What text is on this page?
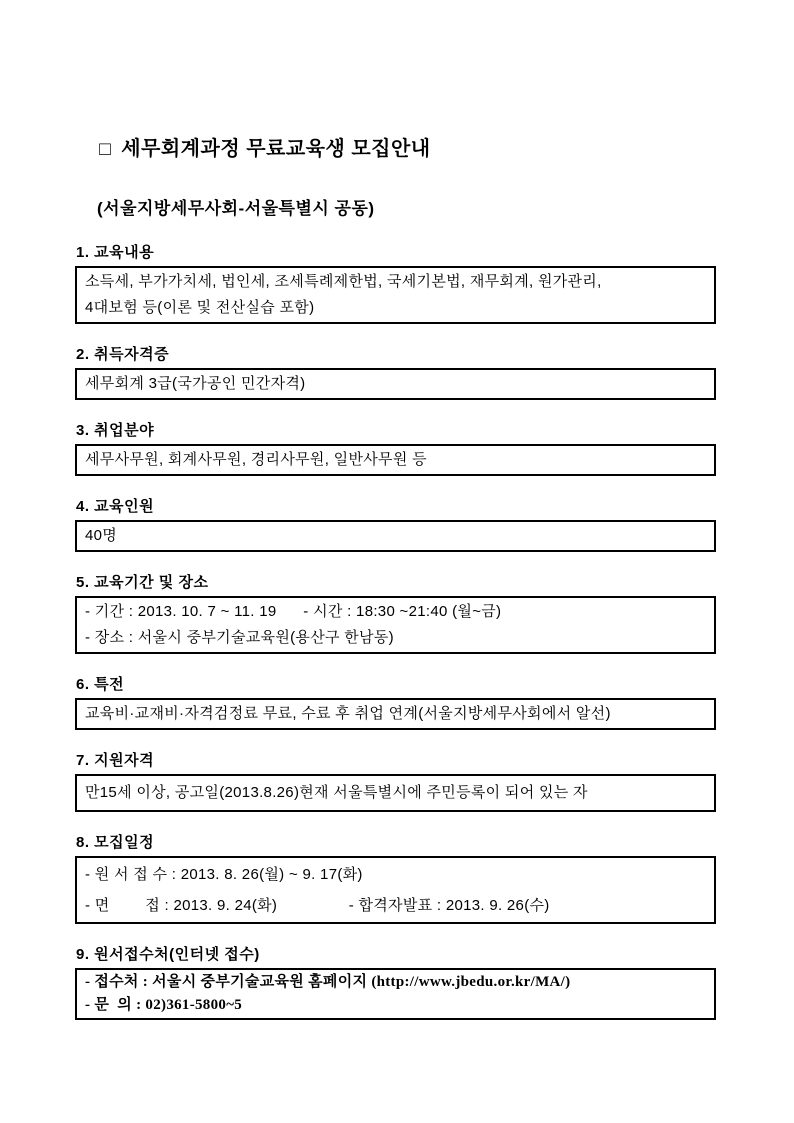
□ 세무회계과정 무료교육생 모집안내

(서울지방세무사회-서울특별시 공동)
1. 교육내용
소득세, 부가가치세, 법인세, 조세특례제한법, 국세기본법, 재무회계, 원가관리,
4대보험 등(이론 및 전산실습 포함)
2. 취득자격증
세무회계 3급(국가공인 민간자격)
3. 취업분야
세무사무원, 회계사무원, 경리사무원, 일반사무원 등
4. 교육인원
40명
5. 교육기간 및 장소
- 기간 : 2013. 10. 7 ~ 11. 19      - 시간 : 18:30 ~21:40 (월~금)
- 장소 : 서울시 중부기술교육원(용산구 한남동)
6. 특전
교육비·교재비·자격검정료 무료, 수료 후 취업 연계(서울지방세무사회에서 알선)
7. 지원자격
만15세 이상, 공고일(2013.8.26)현재 서울특별시에 주민등록이 되어 있는 자
8. 모집일정
- 원 서 접 수 : 2013. 8. 26(월) ~ 9. 17(화)
- 면        접 : 2013. 9. 24(화)                - 합격자발표 : 2013. 9. 26(수)
9. 원서접수처(인터넷 접수)
- 접수처 : 서울시 중부기술교육원 홈페이지 (http://www.jbedu.or.kr/MA/)
- 문  의 : 02)361-5800~5
